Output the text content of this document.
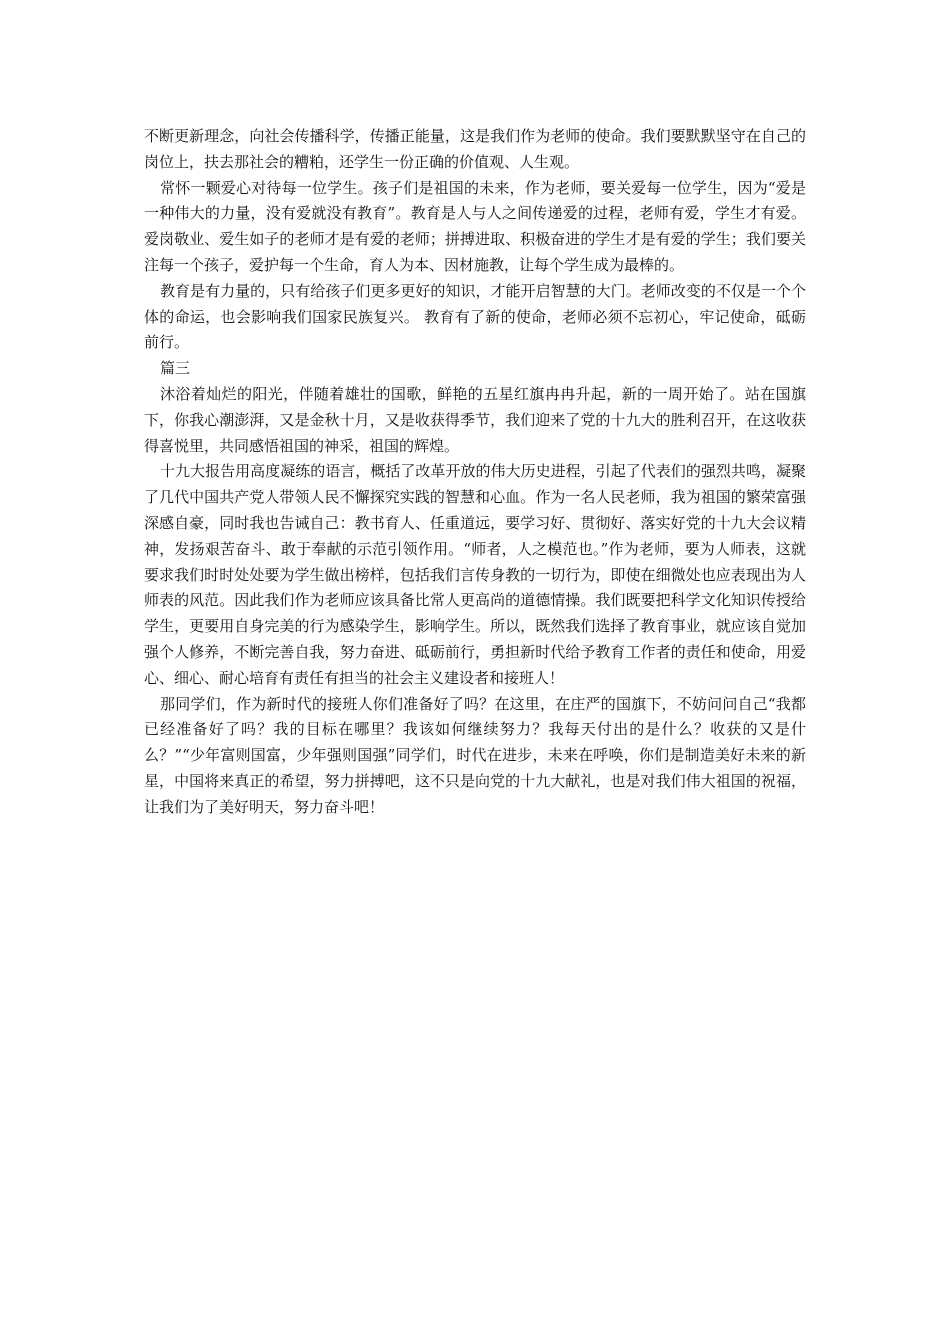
不断更新理念，向社会传播科学，传播正能量，这是我们作为老师的使命。我们要默默坚守在自己的岗位上，扶去那社会的糟粕，还学生一份正确的价值观、人生观。

常怀一颗爱心对待每一位学生。孩子们是祖国的未来，作为老师，要关爱每一位学生，因为“爱是一种伟大的力量，没有爱就没有教育”。教育是人与人之间传递爱的过程，老师有爱，学生才有爱。爱岗敬业、爱生如子的老师才是有爱的老师；拼搏进取、积极奋进的学生才是有爱的学生；我们要关注每一个孩子，爱护每一个生命，育人为本、因材施教，让每个学生成为最棒的。

教育是有力量的，只有给孩子们更多更好的知识，才能开启智慧的大门。老师改变的不仅是一个个体的命运，也会影响我们国家民族复兴。 教育有了新的使命，老师必须不忘初心，牢记使命，砥砺前行。

篇三

沐浴着灿烂的阳光，伴随着雄壮的国歌，鲜艳的五星红旗冉冉升起，新的一周开始了。站在国旗下，你我心潮澎湃，又是金秋十月，又是收获得季节，我们迎来了党的十九大的胜利召开，在这收获得喜悦里，共同感悟祖国的神采，祖国的辉煌。

十九大报告用高度凝练的语言，概括了改革开放的伟大历史进程，引起了代表们的强烈共鸣，凝聚了几代中国共产党人带领人民不懈探究实践的智慧和心血。作为一名人民老师，我为祖国的繁荣富强深感自豪，同时我也告诫自己：教书育人、任重道远，要学习好、贯彻好、落实好党的十九大会议精神，发扬艰苦奋斗、敢于奉献的示范引领作用。“师者，人之模范也。”作为老师，要为人师表，这就要求我们时时处处要为学生做出榜样，包括我们言传身教的一切行为，即使在细微处也应表现出为人师表的风范。因此我们作为老师应该具备比常人更高尚的道德情操。我们既要把科学文化知识传授给学生，更要用自身完美的行为感染学生，影响学生。所以，既然我们选择了教育事业，就应该自觉加强个人修养，不断完善自我，努力奋进、砥砺前行，勇担新时代给予教育工作者的责任和使命，用爱心、细心、耐心培育有责任有担当的社会主义建设者和接班人！

那同学们，作为新时代的接班人你们准备好了吗？在这里，在庄严的国旗下，不妨问问自己“我都已经准备好了吗？我的目标在哪里？我该如何继续努力？我每天付出的是什么？收获的又是什么？”“少年富则国富，少年强则国强”同学们，时代在进步，未来在呼唤，你们是制造美好未来的新星，中国将来真正的希望，努力拼搏吧，这不只是向党的十九大献礼，也是对我们伟大祖国的祝福，让我们为了美好明天，努力奋斗吧！
